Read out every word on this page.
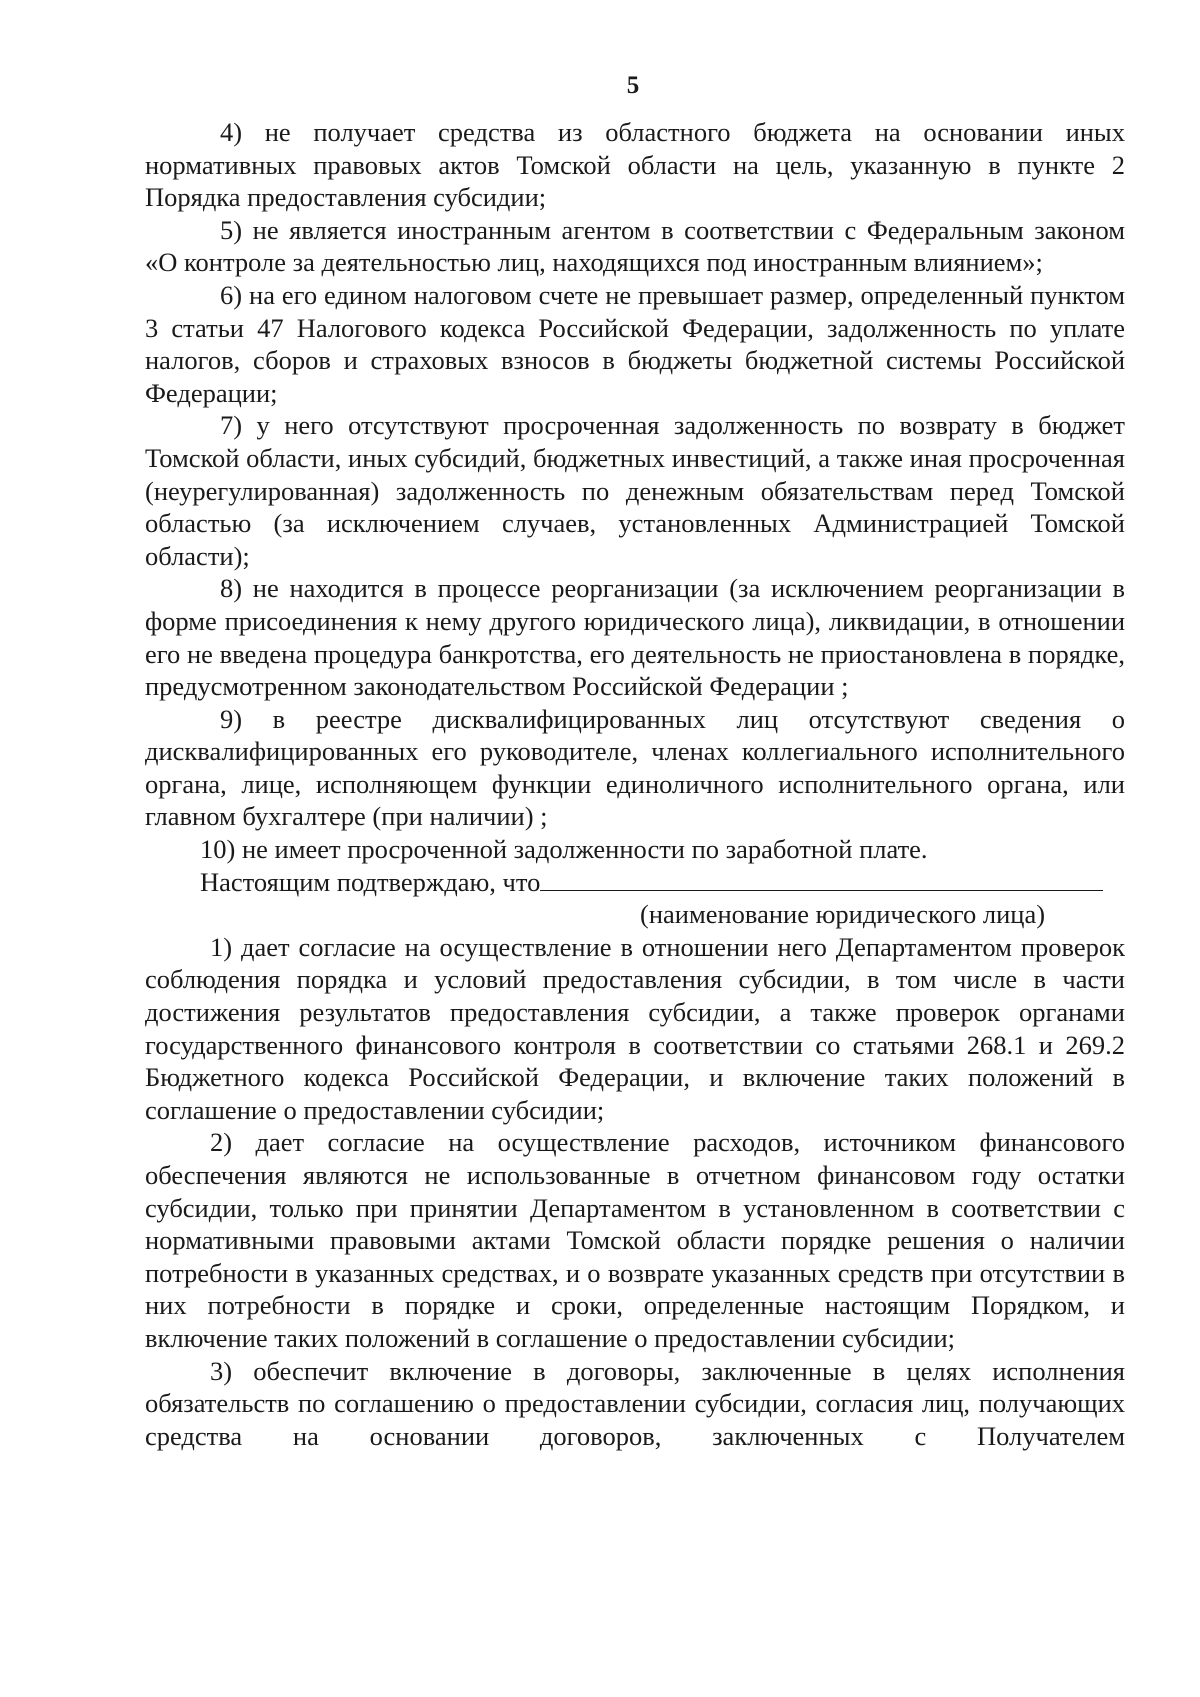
5

4) не получает средства из областного бюджета на основании иных нормативных правовых актов Томской области на цель, указанную в пункте 2 Порядка предоставления субсидии;

5) не является иностранным агентом в соответствии с Федеральным законом «О контроле за деятельностью лиц, находящихся под иностранным влиянием»;

6) на его едином налоговом счете не превышает размер, определенный пунктом 3 статьи 47 Налогового кодекса Российской Федерации, задолженность по уплате налогов, сборов и страховых взносов в бюджеты бюджетной системы Российской Федерации;

7) у него отсутствуют просроченная задолженность по возврату в бюджет Томской области, иных субсидий, бюджетных инвестиций, а также иная просроченная (неурегулированная) задолженность по денежным обязательствам перед Томской областью (за исключением случаев, установленных Администрацией Томской области);

8) не находится в процессе реорганизации (за исключением реорганизации в форме присоединения к нему другого юридического лица), ликвидации, в отношении его не введена процедура банкротства, его деятельность не приостановлена в порядке, предусмотренном законодательством Российской Федерации ;

9) в реестре дисквалифицированных лиц отсутствуют сведения о дисквалифицированных его руководителе, членах коллегиального исполнительного органа, лице, исполняющем функции единоличного исполнительного органа, или главном бухгалтере (при наличии) ;

10) не имеет просроченной задолженности по заработной плате.

Настоящим подтверждаю, что

(наименование юридического лица)

1) дает согласие на осуществление в отношении него Департаментом проверок соблюдения порядка и условий предоставления субсидии, в том числе в части достижения результатов предоставления субсидии, а также проверок органами государственного финансового контроля в соответствии со статьями 268.1 и 269.2 Бюджетного кодекса Российской Федерации, и включение таких положений в соглашение о предоставлении субсидии;

2) дает согласие на осуществление расходов, источником финансового обеспечения являются не использованные в отчетном финансовом году остатки субсидии, только при принятии Департаментом в установленном в соответствии с нормативными правовыми актами Томской области порядке решения о наличии потребности в указанных средствах, и о возврате указанных средств при отсутствии в них потребности в порядке и сроки, определенные настоящим Порядком, и включение таких положений в соглашение о предоставлении субсидии;

3) обеспечит включение в договоры, заключенные в целях исполнения обязательств по соглашению о предоставлении субсидии, согласия лиц, получающих средства на основании договоров, заключенных с Получателем
